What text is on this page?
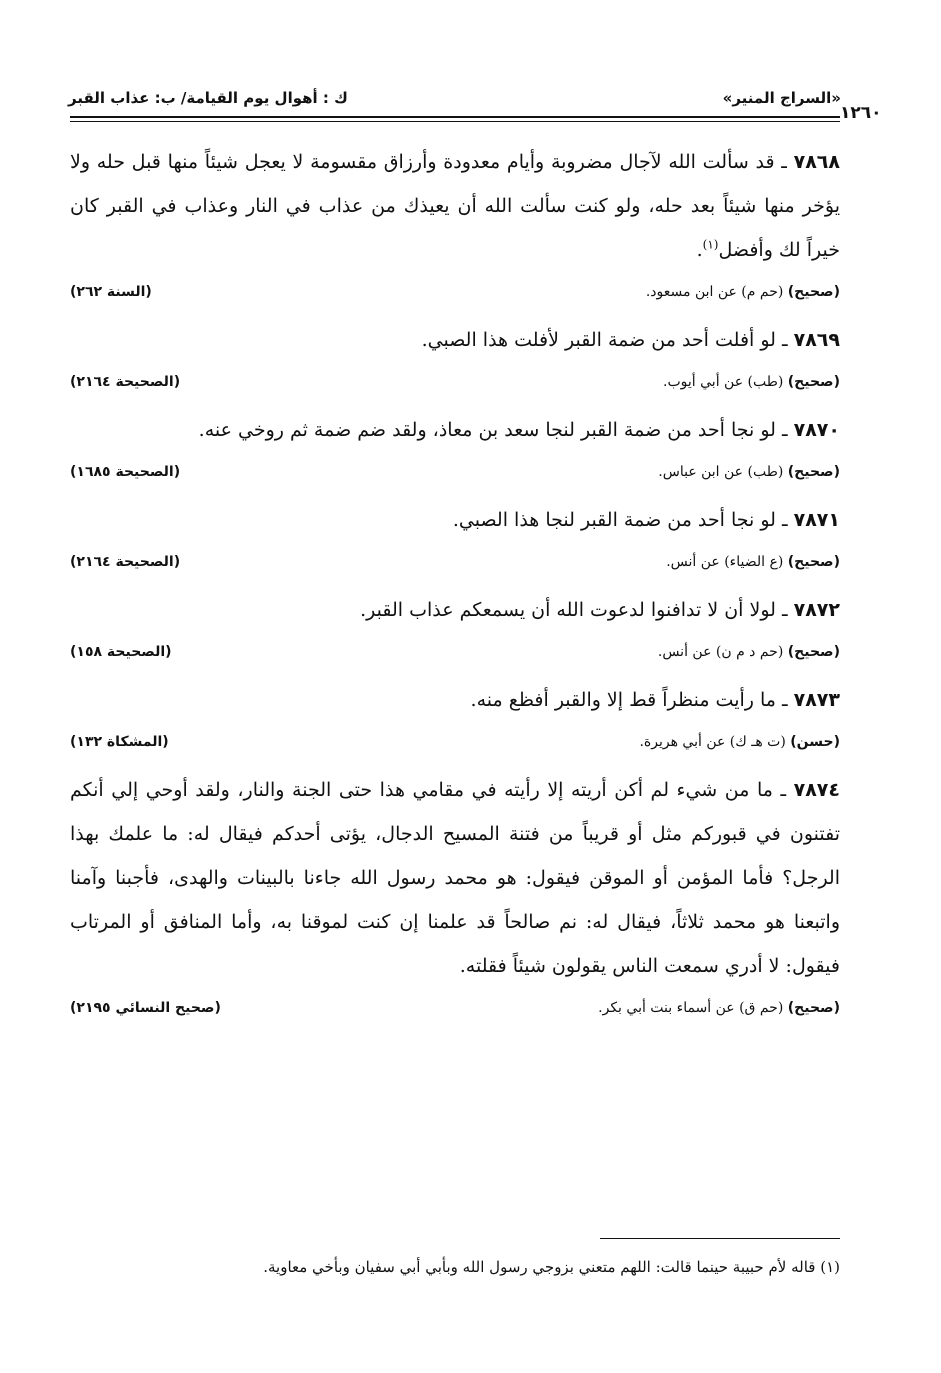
«السراج المنير»
ك : أهوال يوم القيامة/ ب: عذاب القبر
١٢٦٠

٧٨٦٨ ـ قد سألت الله لآجال مضروبة وأيام معدودة وأرزاق مقسومة لا يعجل شيئاً منها قبل حله ولا يؤخر منها شيئاً بعد حله، ولو كنت سألت الله أن يعيذك من عذاب في النار وعذاب في القبر كان خيراً لك وأفضل$^{(١)}$.

(صحيح) (حم م) عن ابن مسعود.
(السنة ٢٦٢)

٧٨٦٩ ـ لو أفلت أحد من ضمة القبر لأفلت هذا الصبي.

(صحيح) (طب) عن أبي أيوب.
(الصحيحة ٢١٦٤)

٧٨٧٠ ـ لو نجا أحد من ضمة القبر لنجا سعد بن معاذ، ولقد ضم ضمة ثم روخي عنه.

(صحيح) (طب) عن ابن عباس.
(الصحيحة ١٦٨٥)

٧٨٧١ ـ لو نجا أحد من ضمة القبر لنجا هذا الصبي.

(صحيح) (ع الضياء) عن أنس.
(الصحيحة ٢١٦٤)

٧٨٧٢ ـ لولا أن لا تدافنوا لدعوت الله أن يسمعكم عذاب القبر.

(صحيح) (حم د م ن) عن أنس.
(الصحيحة ١٥٨)

٧٨٧٣ ـ ما رأيت منظراً قط إلا والقبر أفظع منه.

(حسن) (ت هـ ك) عن أبي هريرة.
(المشكاة ١٣٢)

٧٨٧٤ ـ ما من شيء لم أكن أريته إلا رأيته في مقامي هذا حتى الجنة والنار، ولقد أوحي إلي أنكم تفتنون في قبوركم مثل أو قريباً من فتنة المسيح الدجال، يؤتى أحدكم فيقال له: ما علمك بهذا الرجل؟ فأما المؤمن أو الموقن فيقول: هو محمد رسول الله جاءنا بالبينات والهدى، فأجبنا وآمنا واتبعنا هو محمد ثلاثاً، فيقال له: نم صالحاً قد علمنا إن كنت لموقنا به، وأما المنافق أو المرتاب فيقول: لا أدري سمعت الناس يقولون شيئاً فقلته.

(صحيح) (حم ق) عن أسماء بنت أبي بكر.
(صحيح النسائي ٢١٩٥)
(١) قاله لأم حبيبة حينما قالت: اللهم متعني بزوجي رسول الله وبأبي أبي سفيان وبأخي معاوية.
